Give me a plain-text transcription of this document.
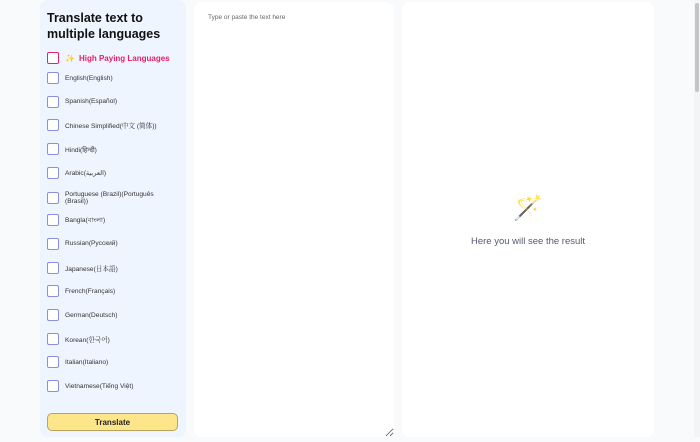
Translate text to multiple languages
✨ High Paying Languages
English(English)
Spanish(Español)
Chinese Simplified(中文 (简体))
Hindi(हिन्दी)
Arabic(العربية)
Portuguese (Brazil)(Português (Brasil))
Bangla(বাংলা)
Russian(Русский)
Japanese(日本語)
French(Français)
German(Deutsch)
Korean(한국어)
Italian(Italiano)
Vietnamese(Tiếng Việt)
Translate
Type or paste the text here
🪄
Here you will see the result
